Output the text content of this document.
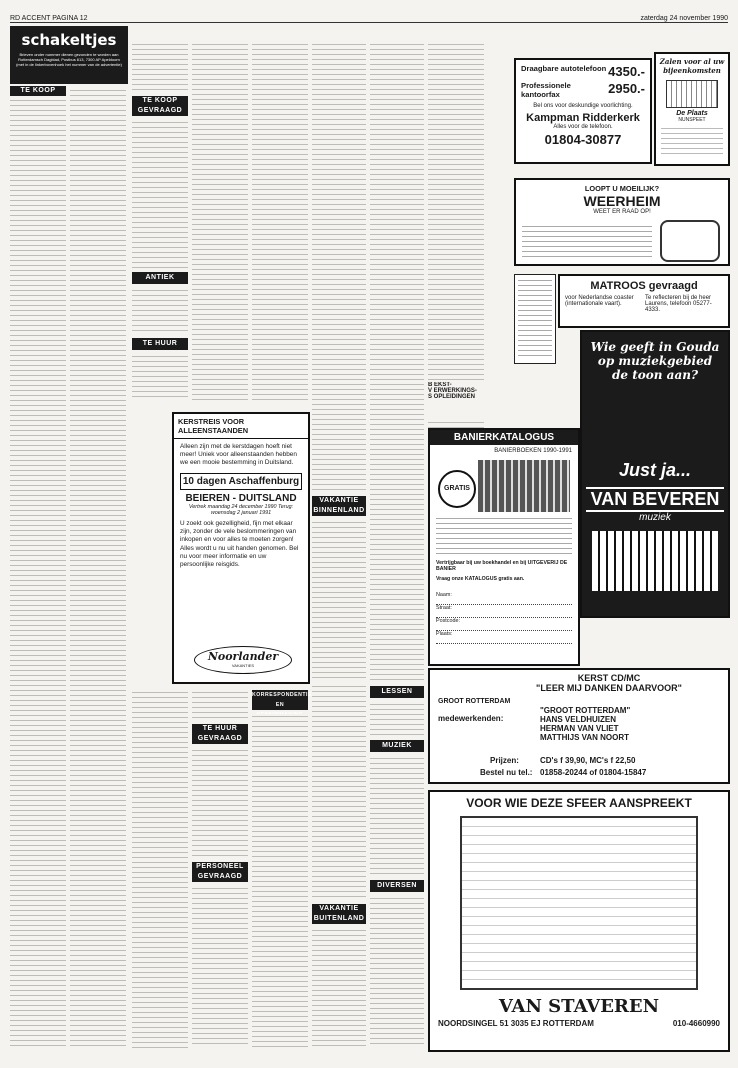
RD ACCENT PAGINA 12	zaterdag 24 november 1990
schakeltjes
Brieven onder nummer dienen gezonden te worden aan Rotterdamsch Dagblad, Postbus 613, 7300 AP Apeldoorn (met in de linkerbovenhoek het nummer van de advertentie)
TE KOOP GEVRAAGD
ANTIEK
TE HUUR
VAKANTIE BINNENLAND
VAKANTIE BUITENLAND
LESSEN
MUZIEK
DIVERSEN
KERSTREIS VOOR ALLEENSTAANDEN
Alleen zijn met de kerstdagen hoeft niet meer! Uniek voor alleenstaanden hebben we een mooie bestemming in Duitsland.
10 dagen Aschaffenburg
BEIEREN - DUITSLAND
Vertrek maandag 24 december 1990 Terug: woensdag 2 januari 1991
U zoekt ook gezelligheid, fijn met elkaar zijn, zonder de vele beslommeringen van inkopen en voor alles te moeten zorgen! Alles wordt u nu uit handen genomen. Bel nu voor meer informatie en uw persoonlijke reisgids.
Noorlander
VAKANTIES
TE HUUR GEVRAAGD
PERSONEEL GEVRAAGD
KORRESPONDENTIE EN
Draagbare autotelefoon 4350.-
Professionele kantoorfax	2950.-
Bel ons voor deskundige voorlichting.
Kampman Ridderkerk
Alles voor de telefoon.
01804-30877
Zalen voor al uw bijeenkomsten
De Plaats
NUNSPEET
LOOPT U MOEILIJK?
WEERHEIM
WEET ER RAAD OP!
MATROOS gevraagd
voor Nederlandse coaster (internationale vaart).
Te reflecteren bij de heer Laurens, telefoon 05277-4333.
B EKST-
V ERWERKINGS-
S OPLEIDINGEN
Wie geeft in Gouda op muziekgebied de toon aan?
Just ja...
VAN BEVEREN
muziek
BANIERKATALOGUS
BANIERBOEKEN 1990-1991
GRATIS
Vertrijgbaar bij uw boekhandel en bij UITGEVERIJ DE BANIER
Vraag onze KATALOGUS gratis aan.
Naam:
Straat:
Postcode:
Plaats:
KERST CD/MC
"LEER MIJ DANKEN DAARVOOR"
GROOT ROTTERDAM
medewerkenden:
"GROOT ROTTERDAM"
HANS VELDHUIZEN
HERMAN VAN VLIET
MATTHIJS VAN NOORT
Prijzen:	CD's f 39,90, MC's f 22,50
Bestel nu tel.: 01858-20244 of 01804-15847
VOOR WIE DEZE SFEER AANSPREEKT
VAN STAVEREN
NOORDSINGEL 51 3035 EJ ROTTERDAM	010-4660990
TE KOOP
